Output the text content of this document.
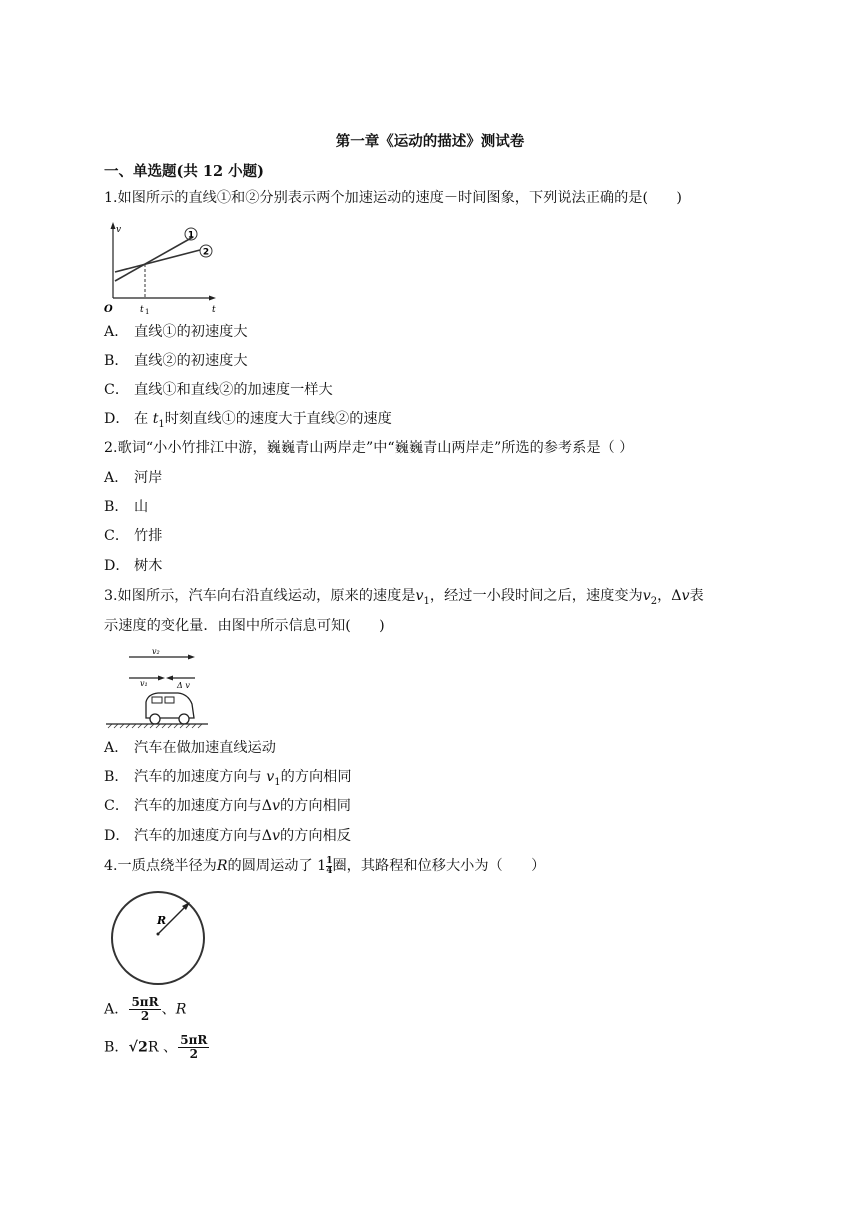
第一章《运动的描述》测试卷
一、单选题(共 12 小题)
1.如图所示的直线①和②分别表示两个加速运动的速度－时间图象，下列说法正确的是(　　)
1
2
v
t
O	t 1
A． 直线①的初速度大
B． 直线②的初速度大
C． 直线①和直线②的加速度一样大
D． 在 $t_1$时刻直线①的速度大于直线②的速度
2.歌词“小小竹排江中游，巍巍青山两岸走”中“巍巍青山两岸走”所选的参考系是（ ）
A． 河岸
B． 山
C． 竹排
D． 树木
3.如图所示，汽车向右沿直线运动，原来的速度是$v_1$，经过一小段时间之后，速度变为$v_2$，Δv表
示速度的变化量．由图中所示信息可知(　　)
v₂
v₁	Δ v
A． 汽车在做加速直线运动
B． 汽车的加速度方向与 $v_1$的方向相同
C． 汽车的加速度方向与Δv的方向相同
D． 汽车的加速度方向与Δv的方向相反
4.一质点绕半径为R的圆周运动了 $1 \frac{1}{4}$ 圈，其路程和位移大小为（　　）
R
A． $\frac{5\pi R}{2}$ 、R
B．√2R 、 $\frac{5\pi R}{2}$
